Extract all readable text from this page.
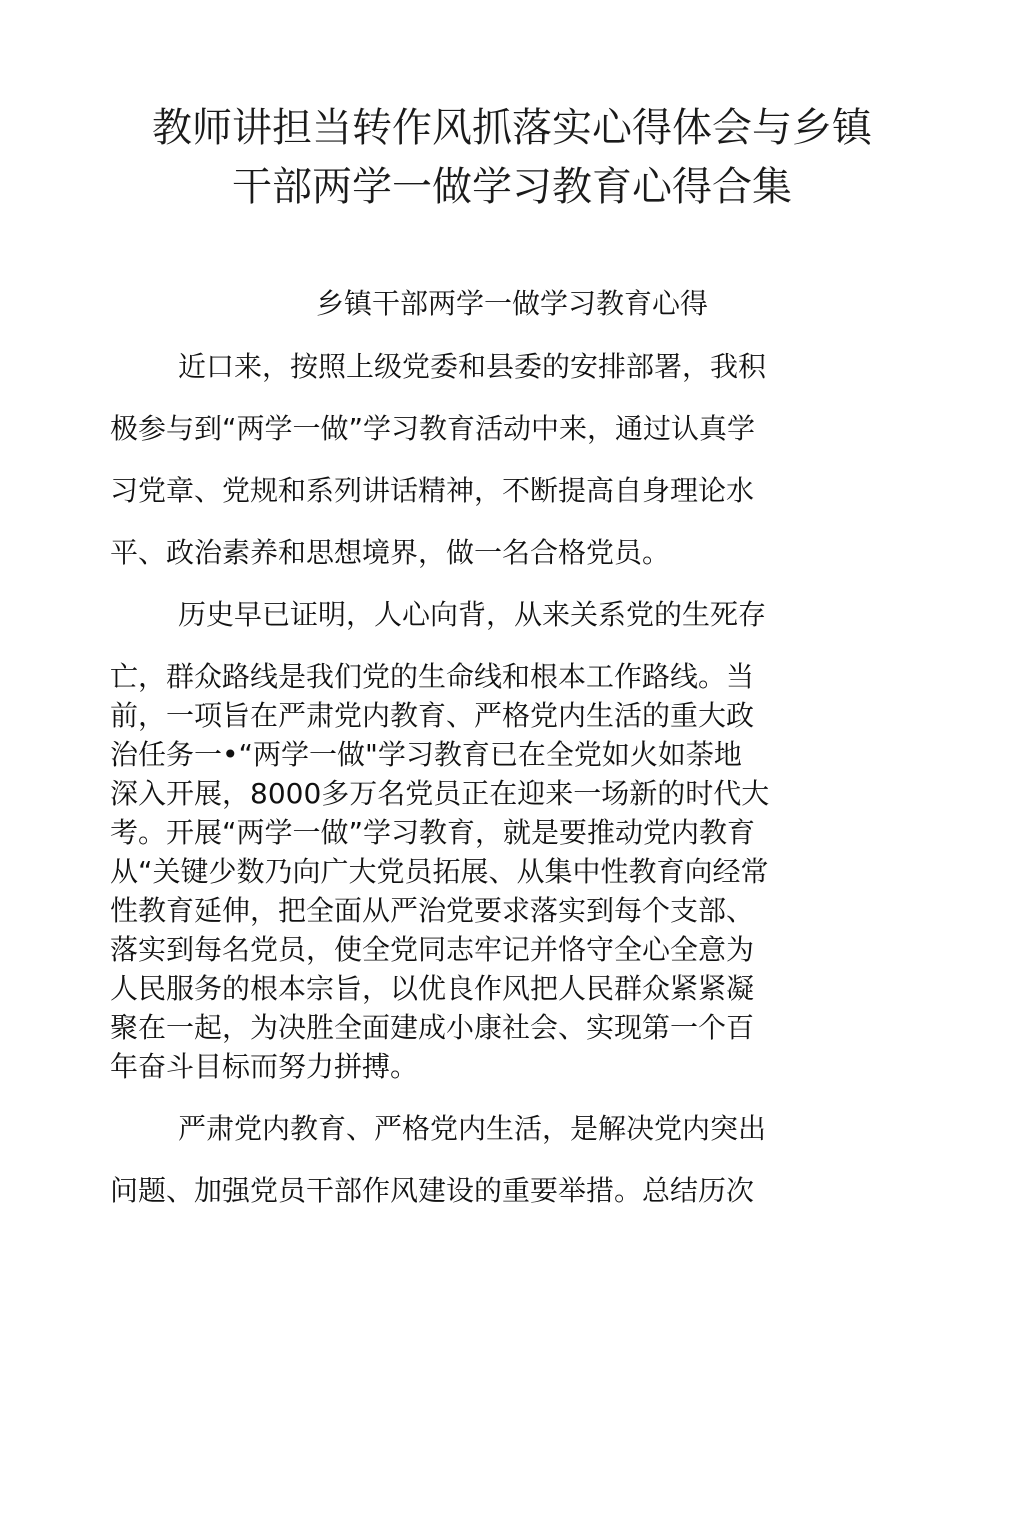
教师讲担当转作风抓落实心得体会与乡镇
干部两学一做学习教育心得合集
乡镇干部两学一做学习教育心得
近口来，按照上级党委和县委的安排部署，我积
极参与到“两学一做”学习教育活动中来，通过认真学
习党章、党规和系列讲话精神，不断提高自身理论水
平、政治素养和思想境界，做一名合格党员。
历史早已证明，人心向背，从来关系党的生死存
亡，群众路线是我们党的生命线和根本工作路线。当
前，一项旨在严肃党内教育、严格党内生活的重大政
治任务一•“两学一做"学习教育已在全党如火如荼地
深入开展，8000多万名党员正在迎来一场新的时代大
考。开展“两学一做”学习教育，就是要推动党内教育
从“关键少数乃向广大党员拓展、从集中性教育向经常
性教育延伸，把全面从严治党要求落实到每个支部、
落实到每名党员，使全党同志牢记并恪守全心全意为
人民服务的根本宗旨，以优良作风把人民群众紧紧凝
聚在一起，为决胜全面建成小康社会、实现第一个百
年奋斗目标而努力拼搏。
严肃党内教育、严格党内生活，是解决党内突出
问题、加强党员干部作风建设的重要举措。总结历次
